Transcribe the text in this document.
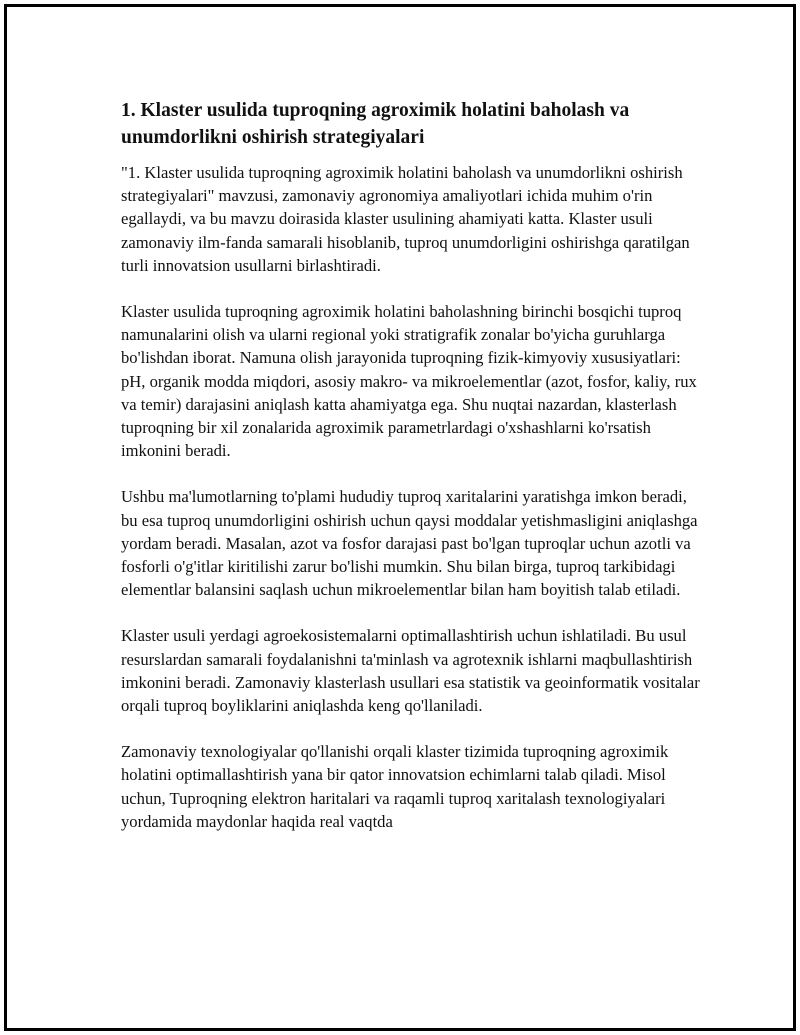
1. Klaster usulida tuproqning agroximik holatini baholash va unumdorlikni oshirish strategiyalari

"1. Klaster usulida tuproqning agroximik holatini baholash va unumdorlikni oshirish strategiyalari" mavzusi, zamonaviy agronomiya amaliyotlari ichida muhim o'rin egallaydi, va bu mavzu doirasida klaster usulining ahamiyati katta. Klaster usuli zamonaviy ilm-fanda samarali hisoblanib, tuproq unumdorligini oshirishga qaratilgan turli innovatsion usullarni birlashtiradi.

Klaster usulida tuproqning agroximik holatini baholashning birinchi bosqichi tuproq namunalarini olish va ularni regional yoki stratigrafik zonalar bo'yicha guruhlarga bo'lishdan iborat. Namuna olish jarayonida tuproqning fizik-kimyoviy xususiyatlari: pH, organik modda miqdori, asosiy makro- va mikroelementlar (azot, fosfor, kaliy, rux va temir) darajasini aniqlash katta ahamiyatga ega. Shu nuqtai nazardan, klasterlash tuproqning bir xil zonalarida agroximik parametrlardagi o'xshashlarni ko'rsatish imkonini beradi.

Ushbu ma'lumotlarning to'plami hududiy tuproq xaritalarini yaratishga imkon beradi, bu esa tuproq unumdorligini oshirish uchun qaysi moddalar yetishmasligini aniqlashga yordam beradi. Masalan, azot va fosfor darajasi past bo'lgan tuproqlar uchun azotli va fosforli o'g'itlar kiritilishi zarur bo'lishi mumkin. Shu bilan birga, tuproq tarkibidagi elementlar balansini saqlash uchun mikroelementlar bilan ham boyitish talab etiladi.

Klaster usuli yerdagi agroekosistemalarni optimallashtirish uchun ishlatiladi. Bu usul resurslardan samarali foydalanishni ta'minlash va agrotexnik ishlarni maqbullashtirish imkonini beradi. Zamonaviy klasterlash usullari esa statistik va geoinformatik vositalar orqali tuproq boyliklarini aniqlashda keng qo'llaniladi.

Zamonaviy texnologiyalar qo'llanishi orqali klaster tizimida tuproqning agroximik holatini optimallashtirish yana bir qator innovatsion echimlarni talab qiladi. Misol uchun, Tuproqning elektron haritalari va raqamli tuproq xaritalash texnologiyalari yordamida maydonlar haqida real vaqtda
